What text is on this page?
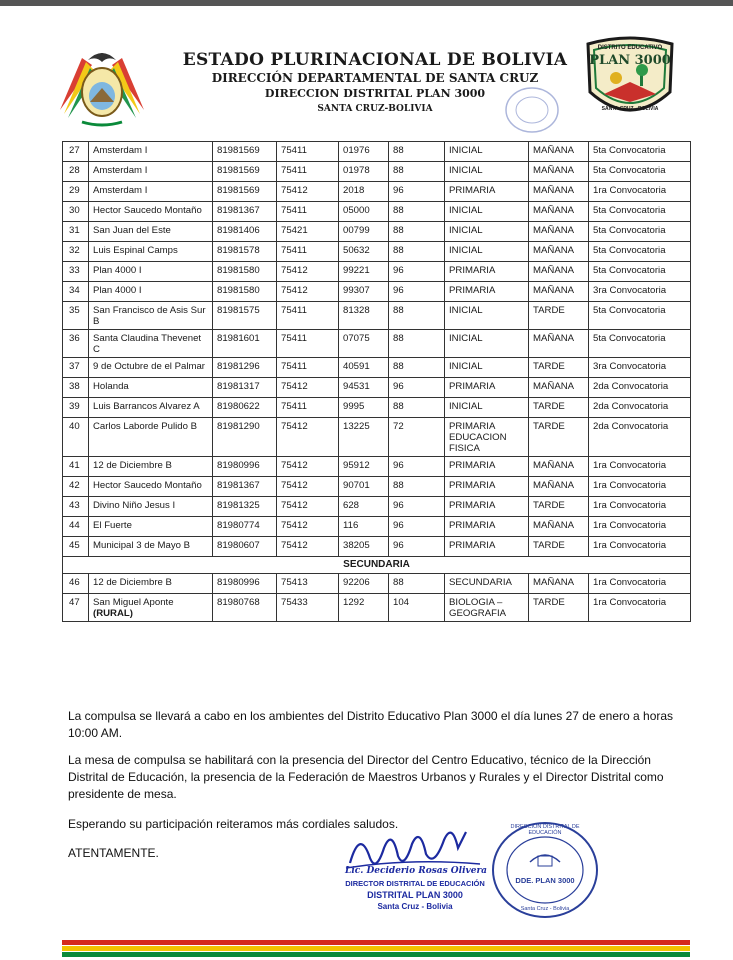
ESTADO PLURINACIONAL DE BOLIVIA
DIRECCIÓN DEPARTAMENTAL DE SANTA CRUZ
DIRECCION DISTRITAL PLAN 3000
SANTA CRUZ-BOLIVIA
DISTRITO EDUCATIVO
PLAN 3000
SANTA CRUZ - BOLIVIA
27	Amsterdam I	81981569	75411	01976	88	INICIAL	MAÑANA	5ta Convocatoria
28	Amsterdam I	81981569	75411	01978	88	INICIAL	MAÑANA	5ta Convocatoria
29	Amsterdam I	81981569	75412	2018	96	PRIMARIA	MAÑANA	1ra Convocatoria
30	Hector Saucedo Montaño	81981367	75411	05000	88	INICIAL	MAÑANA	5ta Convocatoria
31	San Juan del Este	81981406	75421	00799	88	INICIAL	MAÑANA	5ta Convocatoria
32	Luis Espinal Camps	81981578	75411	50632	88	INICIAL	MAÑANA	5ta Convocatoria
33	Plan 4000 I	81981580	75412	99221	96	PRIMARIA	MAÑANA	5ta Convocatoria
34	Plan 4000 I	81981580	75412	99307	96	PRIMARIA	MAÑANA	3ra Convocatoria
35	San Francisco de Asis Sur B	81981575	75411	81328	88	INICIAL	TARDE	5ta Convocatoria
36	Santa Claudina Thevenet C	81981601	75411	07075	88	INICIAL	MAÑANA	5ta Convocatoria
37	9 de Octubre de el Palmar	81981296	75411	40591	88	INICIAL	TARDE	3ra Convocatoria
38	Holanda	81981317	75412	94531	96	PRIMARIA	MAÑANA	2da Convocatoria
39	Luis Barrancos Alvarez A	81980622	75411	9995	88	INICIAL	TARDE	2da Convocatoria
40	Carlos Laborde Pulido B	81981290	75412	13225	72	PRIMARIA EDUCACION FISICA	TARDE	2da Convocatoria
41	12 de Diciembre B	81980996	75412	95912	96	PRIMARIA	MAÑANA	1ra Convocatoria
42	Hector Saucedo Montaño	81981367	75412	90701	88	PRIMARIA	MAÑANA	1ra Convocatoria
43	Divino Niño Jesus I	81981325	75412	628	96	PRIMARIA	TARDE	1ra Convocatoria
44	El Fuerte	81980774	75412	116	96	PRIMARIA	MAÑANA	1ra Convocatoria
45	Municipal 3 de Mayo B	81980607	75412	38205	96	PRIMARIA	TARDE	1ra Convocatoria
SECUNDARIA								
46	12 de Diciembre B	81980996	75413	92206	88	SECUNDARIA	MAÑANA	1ra Convocatoria
47	San Miguel Aponte
(RURAL)	81980768	75433	1292	104	BIOLOGIA – GEOGRAFIA	TARDE	1ra Convocatoria
La compulsa se llevará a cabo en los ambientes del Distrito Educativo Plan 3000 el día lunes 27 de enero a horas 10:00 AM.
La mesa de compulsa se habilitará con la presencia del Director del Centro Educativo, técnico de la Dirección Distrital de Educación, la presencia de la Federación de Maestros Urbanos y Rurales y el Director Distrital como presidente de mesa.
Esperando su participación reiteramos más cordiales saludos.
ATENTAMENTE.
Lic. Deciderio Rosas Olivera
DIRECTOR DISTRITAL DE EDUCACIÓN
DISTRITAL PLAN 3000
Santa Cruz - Bolivia
DIRECCIÓN DISTRITAL DE EDUCACIÓN
DDE. PLAN 3000
Santa Cruz - Bolivia
